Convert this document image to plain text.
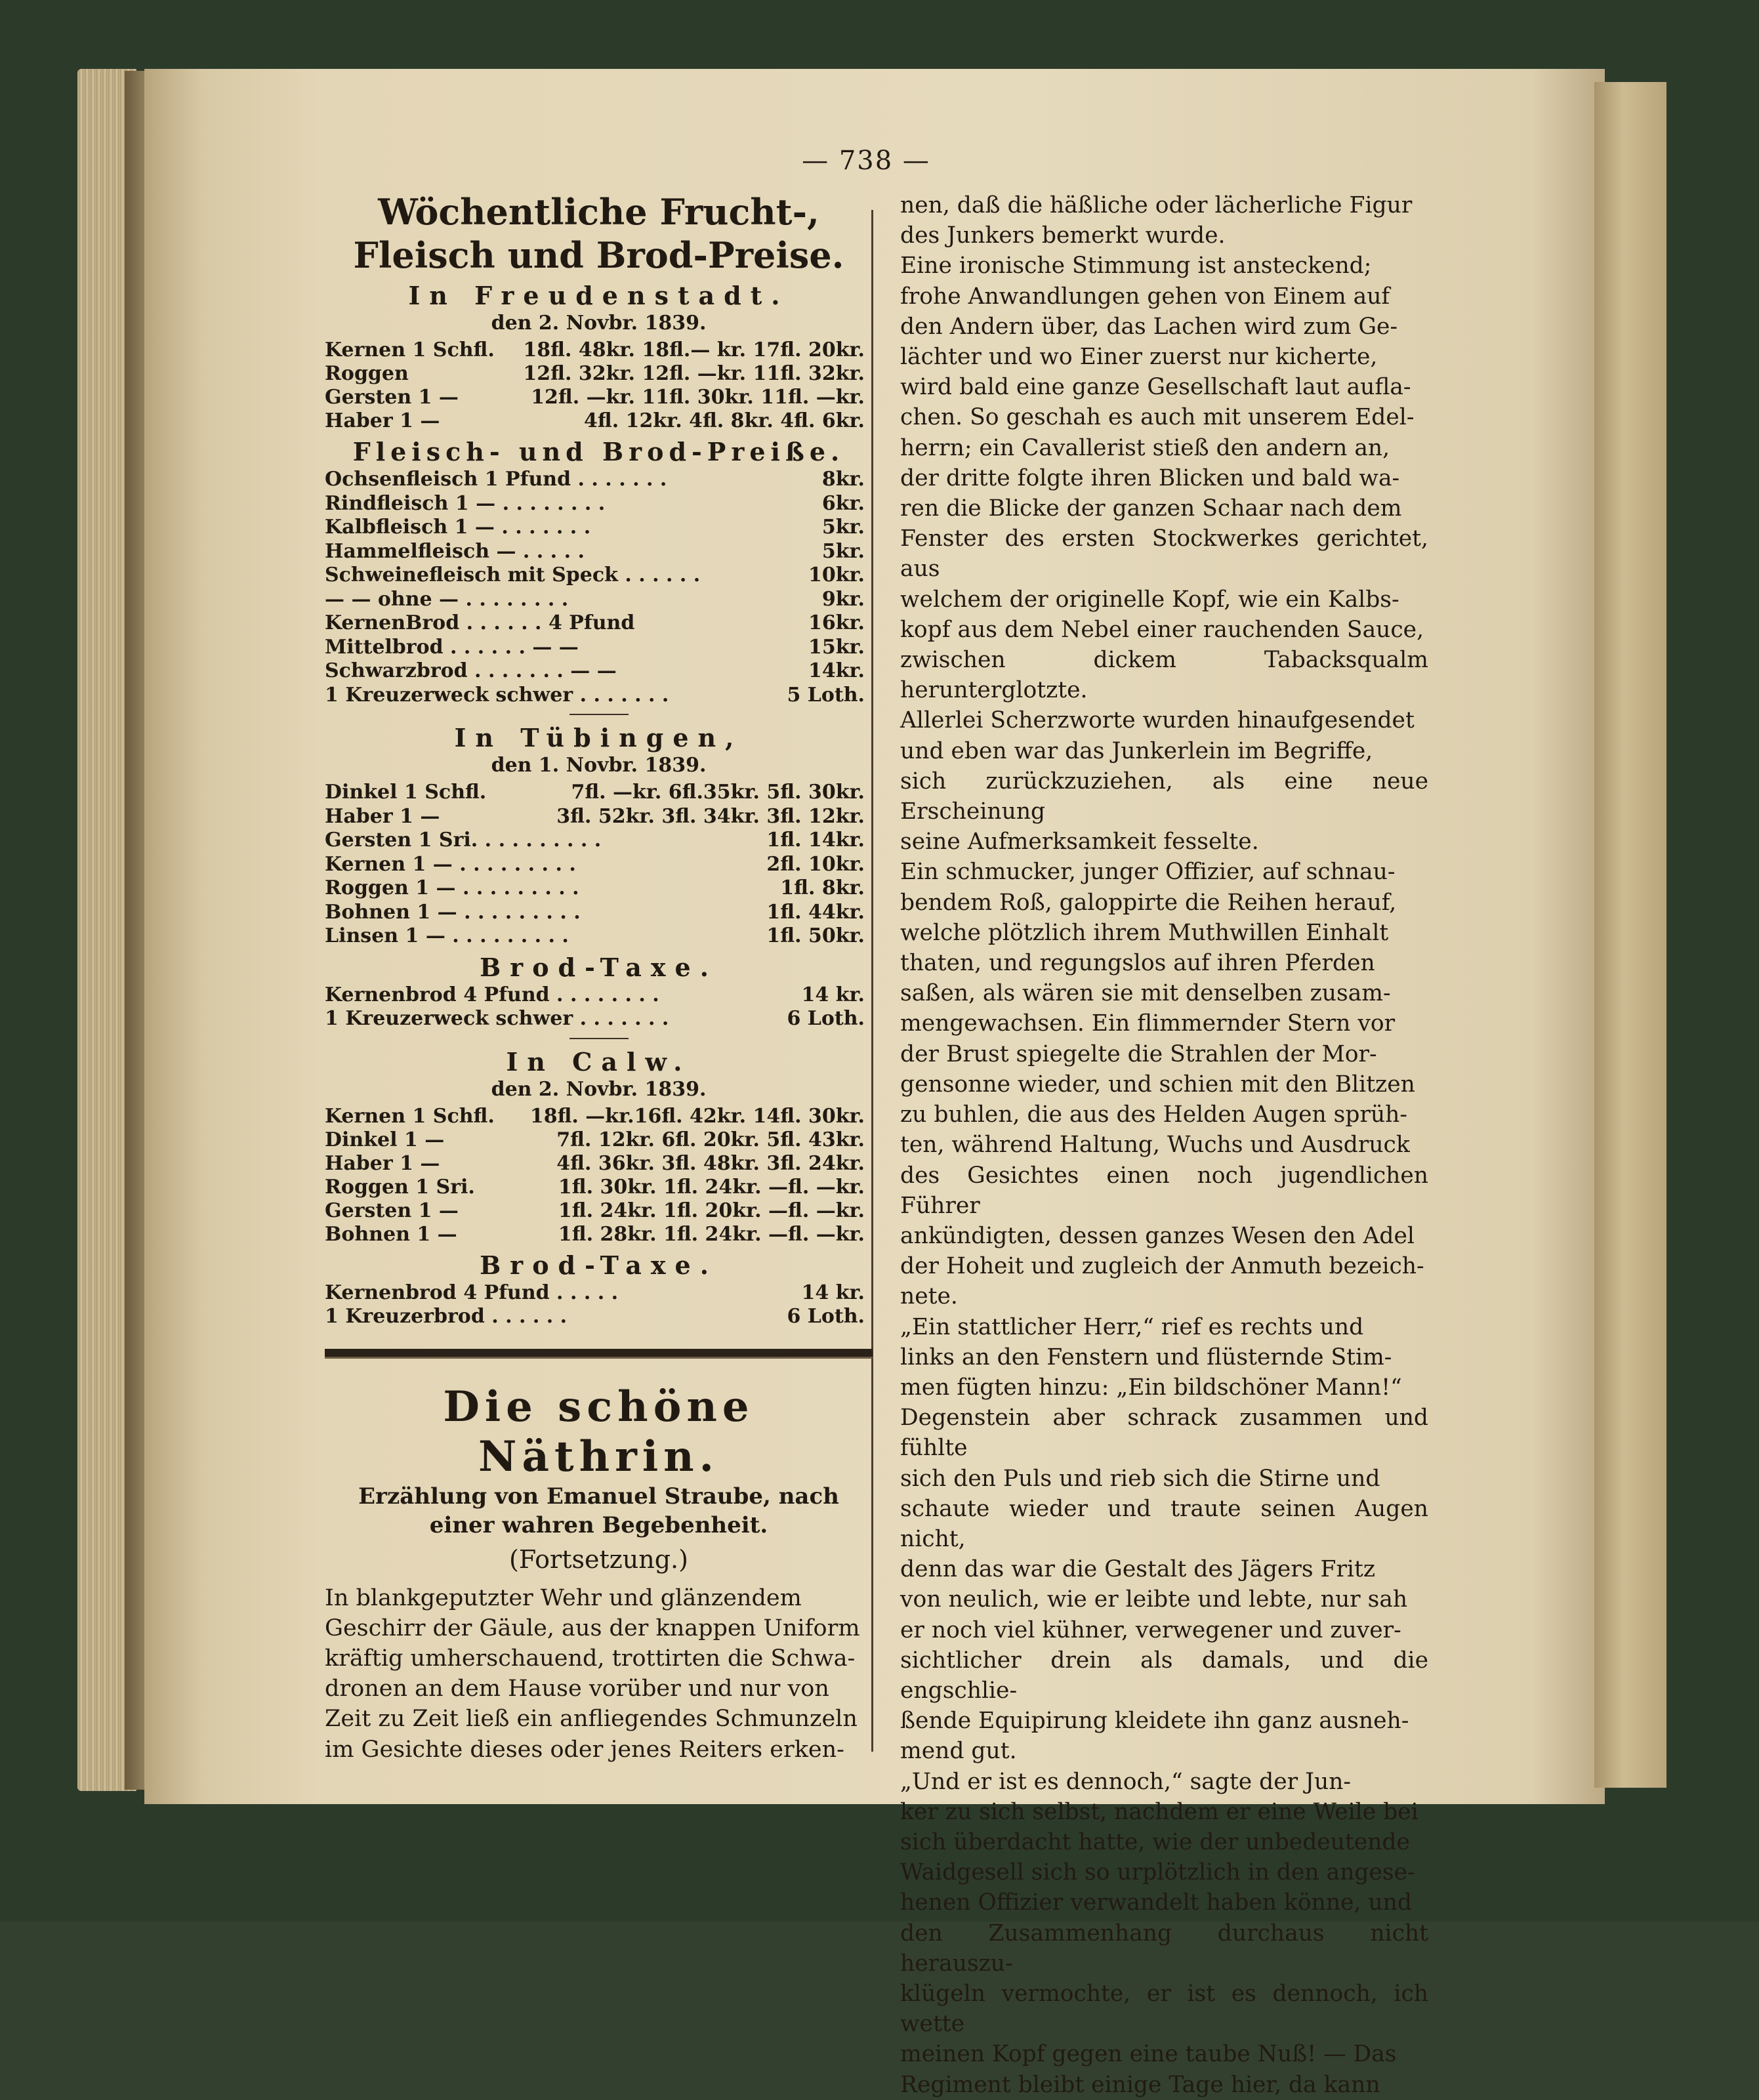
— 738 —

Wöchentliche Frucht-, Fleisch und Brod-Preise.

In Freudenstadt.

den 2. Novbr. 1839.

Kernen 1 Schfl.	18fl. 48kr. 18fl.— kr. 17fl. 20kr.
Roggen	12fl. 32kr. 12fl. —kr. 11fl. 32kr.
Gersten 1 —	12fl. —kr. 11fl. 30kr. 11fl. —kr.
Haber 1 —	4fl. 12kr. 4fl. 8kr. 4fl. 6kr.

Fleisch- und Brod-Preiße.

Ochsenfleisch 1 Pfund . . . . . . .	8kr.
Rindfleisch 1 — . . . . . . . .	6kr.
Kalbfleisch 1 — . . . . . . .	5kr.
Hammelfleisch — . . . . .	5kr.
Schweinefleisch mit Speck . . . . . .	10kr.
— — ohne — . . . . . . . .	9kr.
KernenBrod . . . . . . 4 Pfund	16kr.
Mittelbrod . . . . . . — —	15kr.
Schwarzbrod . . . . . . . — —	14kr.
1 Kreuzerweck schwer . . . . . . .	5 Loth.

In Tübingen,

den 1. Novbr. 1839.

Dinkel 1 Schfl.	7fl. —kr. 6fl.35kr. 5fl. 30kr.
Haber 1 —	3fl. 52kr. 3fl. 34kr. 3fl. 12kr.
Gersten 1 Sri. . . . . . . . . .	1fl. 14kr.
Kernen 1 — . . . . . . . . .	2fl. 10kr.
Roggen 1 — . . . . . . . . .	1fl. 8kr.
Bohnen 1 — . . . . . . . . .	1fl. 44kr.
Linsen 1 — . . . . . . . . .	1fl. 50kr.

Brod-Taxe.

Kernenbrod 4 Pfund . . . . . . . .	14 kr.
1 Kreuzerweck schwer . . . . . . .	6 Loth.

In Calw.

den 2. Novbr. 1839.

Kernen 1 Schfl.	18fl. —kr.16fl. 42kr. 14fl. 30kr.
Dinkel 1 —	7fl. 12kr. 6fl. 20kr. 5fl. 43kr.
Haber 1 —	4fl. 36kr. 3fl. 48kr. 3fl. 24kr.
Roggen 1 Sri.	1fl. 30kr. 1fl. 24kr. —fl. —kr.
Gersten 1 —	1fl. 24kr. 1fl. 20kr. —fl. —kr.
Bohnen 1 —	1fl. 28kr. 1fl. 24kr. —fl. —kr.

Brod-Taxe.

Kernenbrod 4 Pfund . . . . .	14 kr.
1 Kreuzerbrod . . . . . .	6 Loth.

Die schöne Näthrin.

Erzählung von Emanuel Straube, nach einer wahren Begebenheit.

(Fortsetzung.)

In blankgeputzter Wehr und glänzendem

Geschirr der Gäule, aus der knappen Uniform

kräftig umherschauend, trottirten die Schwa-

dronen an dem Hause vorüber und nur von

Zeit zu Zeit ließ ein anfliegendes Schmunzeln

im Gesichte dieses oder jenes Reiters erken-

nen, daß die häßliche oder lächerliche Figur

des Junkers bemerkt wurde.

Eine ironische Stimmung ist ansteckend;

frohe Anwandlungen gehen von Einem auf

den Andern über, das Lachen wird zum Ge-

lächter und wo Einer zuerst nur kicherte,

wird bald eine ganze Gesellschaft laut aufla-

chen. So geschah es auch mit unserem Edel-

herrn; ein Cavallerist stieß den andern an,

der dritte folgte ihren Blicken und bald wa-

ren die Blicke der ganzen Schaar nach dem

Fenster des ersten Stockwerkes gerichtet, aus

welchem der originelle Kopf, wie ein Kalbs-

kopf aus dem Nebel einer rauchenden Sauce,

zwischen dickem Tabacksqualm herunterglotzte.

Allerlei Scherzworte wurden hinaufgesendet

und eben war das Junkerlein im Begriffe,

sich zurückzuziehen, als eine neue Erscheinung

seine Aufmerksamkeit fesselte.

Ein schmucker, junger Offizier, auf schnau-

bendem Roß, galoppirte die Reihen herauf,

welche plötzlich ihrem Muthwillen Einhalt

thaten, und regungslos auf ihren Pferden

saßen, als wären sie mit denselben zusam-

mengewachsen. Ein flimmernder Stern vor

der Brust spiegelte die Strahlen der Mor-

gensonne wieder, und schien mit den Blitzen

zu buhlen, die aus des Helden Augen sprüh-

ten, während Haltung, Wuchs und Ausdruck

des Gesichtes einen noch jugendlichen Führer

ankündigten, dessen ganzes Wesen den Adel

der Hoheit und zugleich der Anmuth bezeich-

nete.

„Ein stattlicher Herr,“ rief es rechts und

links an den Fenstern und flüsternde Stim-

men fügten hinzu: „Ein bildschöner Mann!“

Degenstein aber schrack zusammen und fühlte

sich den Puls und rieb sich die Stirne und

schaute wieder und traute seinen Augen nicht,

denn das war die Gestalt des Jägers Fritz

von neulich, wie er leibte und lebte, nur sah

er noch viel kühner, verwegener und zuver-

sichtlicher drein als damals, und die engschlie-

ßende Equipirung kleidete ihn ganz ausneh-

mend gut.

„Und er ist es dennoch,“ sagte der Jun-

ker zu sich selbst, nachdem er eine Weile bei

sich überdacht hatte, wie der unbedeutende

Waidgesell sich so urplötzlich in den angese-

henen Offizier verwandelt haben könne, und

den Zusammenhang durchaus nicht herauszu-

klügeln vermochte, er ist es dennoch, ich wette

meinen Kopf gegen eine taube Nuß! — Das

Regiment bleibt einige Tage hier, da kann
